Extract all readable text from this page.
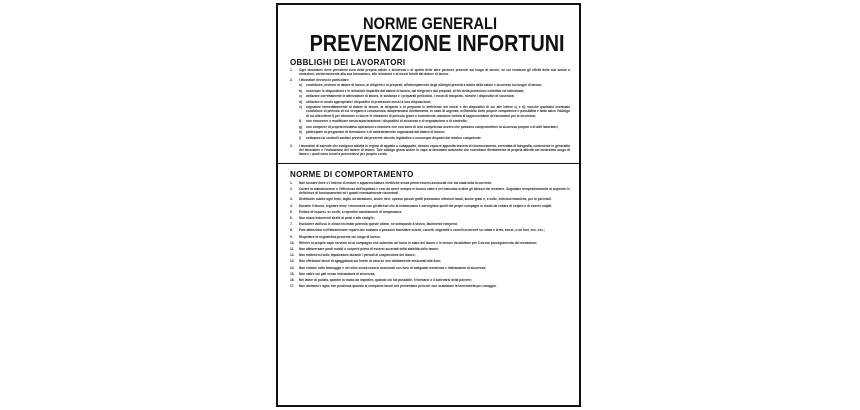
NORME GENERALI
PREVENZIONE INFORTUNI
OBBLIGHI DEI LAVORATORI
1.	Ogni lavoratore deve prendersi cura della propria salute e sicurezza e di quella delle altre persone presenti sul luogo di lavoro, su cui ricadono gli effetti delle sue azioni o omissioni, conformemente alla sua formazione, alle istruzioni e ai mezzi forniti dal datore di lavoro.
2.	I lavoratori devono in particolare:
a)	contribuire, insieme al datore di lavoro, ai dirigenti e ai preposti, all'adempimento degli obblighi previsti a tutela della salute e sicurezza sui luoghi di lavoro;
b)	osservare le disposizioni e le istruzioni impartite dal datore di lavoro, dai dirigenti e dai preposti, ai fini della protezione collettiva ed individuale;
c)	utilizzare correttamente le attrezzature di lavoro, le sostanze e i preparati pericolosi, i mezzi di trasporto, nonché i dispositivi di sicurezza;
d)	utilizzare in modo appropriato i dispositivi di protezione messi a loro disposizione;
e)	segnalare immediatamente al datore di lavoro, al dirigente o al preposto le deficienze dei mezzi e dei dispositivi di cui alle lettere c) e d), nonché qualsiasi eventuale condizione di pericolo di cui vengano a conoscenza, adoperandosi direttamente, in caso di urgenza, nell'ambito delle proprie competenze e possibilità e fatto salvo l'obbligo di cui alla lettera f) per eliminare o ridurre le situazioni di pericolo grave e incombente, dandone notizia al rappresentante dei lavoratori per la sicurezza;
f)	non rimuovere o modificare senza autorizzazione i dispositivi di sicurezza o di segnalazione o di controllo;
g)	non compiere di propria iniziativa operazioni o manovre che non sono di loro competenza ovvero che possono compromettere la sicurezza propria o di altri lavoratori;
h)	partecipare ai programmi di formazione e di addestramento organizzati dal datore di lavoro;
i)	sottoporsi ai controlli sanitari previsti dal presente decreto legislativo o comunque disposti dal medico competente.
3.	I lavoratori di aziende che svolgono attività in regime di appalto o subappalto, devono esporre apposita tessera di riconoscimento, corredata di fotografia, contenente le generalità del lavoratore e l'indicazione del datore di lavoro. Tale obbligo grava anche in capo ai lavoratori autonomi che esercitano direttamente la propria attività nel medesimo luogo di lavoro, i quali sono tenuti a provvedervi per proprio conto.
NORME DI COMPORTAMENTO
1.	Non toccare linee o l'interno di motori e apparecchiature elettriche senza prima essersi assicurati che sia stata tolta la corrente.
2.	Curare la manutenzione e l'efficienza dell'impianto e così da avere sempre in buono stato e nel massimo ordine gli attrezzi del mestiere. Segnalare tempestivamente ai superiori le deficienze di funzionamento ed i guasti eventualmente riscontrati.
3.	Distribuire subito ogni forte, taglio od abrasione, anche lievi; spesso piccoli graffi provocano infezioni locali, anche gravi e, a volte, infezioni tetaniche, per lo più letali.
4.	Durante il lavoro, regolare bene i movimenti con gli attrezzi che al imbracciano e sorvegliare quelli dei propri compagni in modo da evitare di colpire o di essere colpiti.
5.	Evitare di esporsi, se scelti, a repentini cambiamenti di temperatura.
6.	Non usare indumenti stretti ai polsi e alle caviglie;
7.	Escludere dall'uso le chiavi inclinate potendo queste ultime, se sottoposte a sforzo, facilmente rompersi;
8.	Fare attenzione nell'attraversare reparti ove sostano o possono transitare veicoli, carrelli, vagonetti o carrelli scorrenti su rotaie e terra, sense, o su funi, ecc. ecc.;
9.	Rispettare la segnaletica presente nel luogo di lavoro.
10.	Riferire al proprio capo servizio ed al compagno che subentra nel turno lo stato del lavoro e le misure da adottare per il sicuro proseguimento del medesimo;
11.	Non attraversare ponti mobili o scoperti prima di essersi accertati della stabilità delle tavole;
12.	Non trattenersi sulle impalcature durante i periodi di sospensione del lavoro;
13.	Non effettuare lavori di sgaggiatura sul fronte di cava se non debitamente assicurati alla fune;
14.	Non entrare nelle tramoggie e nei silos senza essersi assicurati con fune di adeguata resistenza e imbracatura di sicurezza;
15.	Non salire sui pali senza imbracatura di sicurezza;
16.	Nei lavori di pulizia, sparare in modo da impedire, quando ciò sia possibile, il formarsi o il sollevarsi della polvere;
17.	Non distrarsi e agire con prudenza quando si compiono lavori che presentano pericoli: non scambiare la temerarietà per coraggio.
